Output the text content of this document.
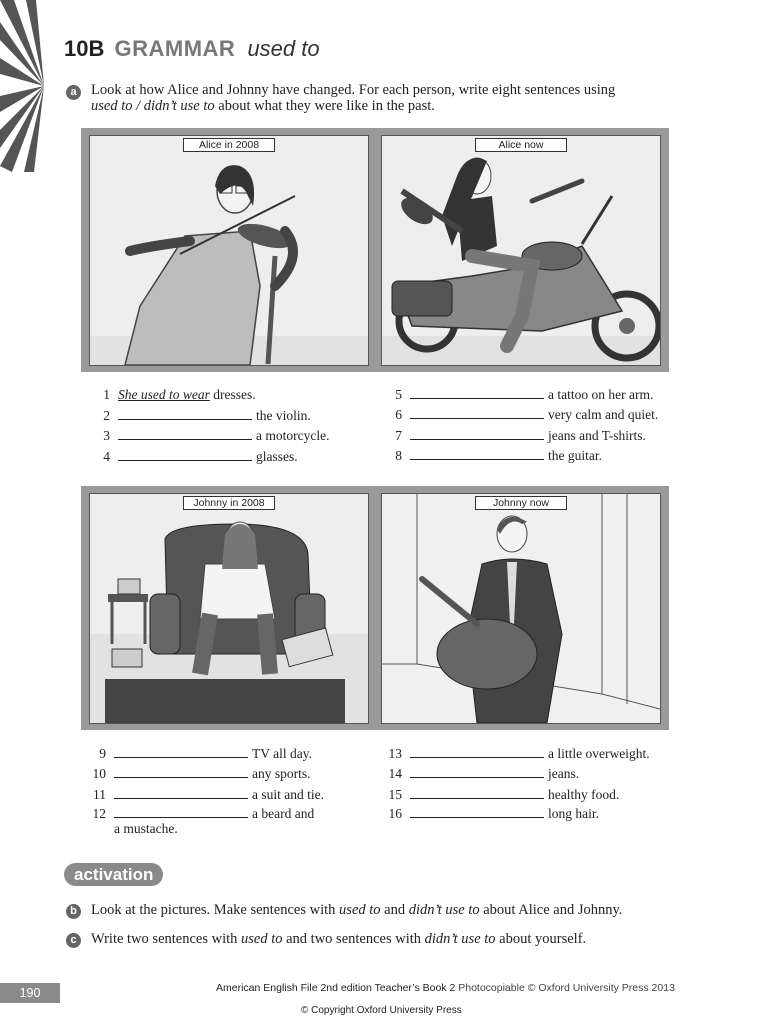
10B GRAMMAR used to
a Look at how Alice and Johnny have changed. For each person, write eight sentences using
used to / didn’t use to about what they were like in the past.
Alice in 2008	Alice now
1 She used to wear dresses.
2	the violin.
3	a motorcycle.
4	glasses.
5	a tattoo on her arm.
6	very calm and quiet.
7	jeans and T-shirts.
8	the guitar.
Johnny in 2008	Johnny now
9	TV all day.
10	any sports.
11	a suit and tie.
12	a beard and
a mustache.
13	a little overweight.
14	jeans.
15	healthy food.
16	long hair.
activation
b Look at the pictures. Make sentences with used to and didn’t use to about Alice and Johnny.
c Write two sentences with used to and two sentences with didn’t use to about yourself.
190	American English File 2nd edition Teacher’s Book 2 Photocopiable © Oxford University Press 2013
© Copyright Oxford University Press
